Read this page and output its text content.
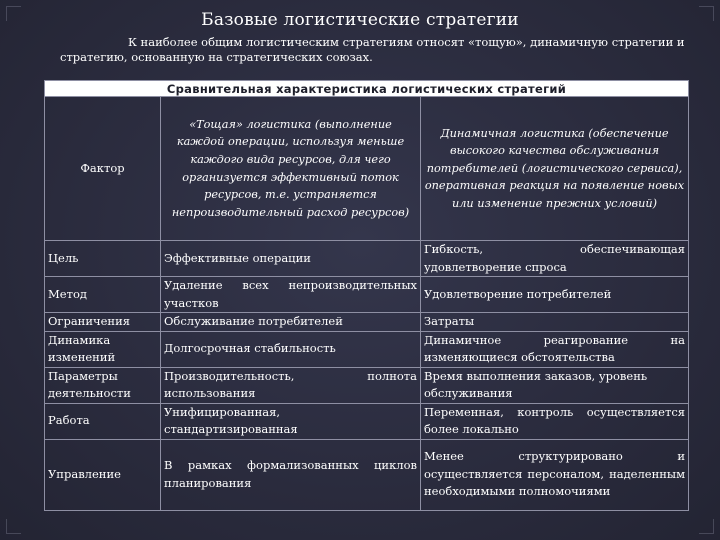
Базовые логистические стратегии
К наиболее общим логистическим стратегиям относят «тощую», динамичную стратегии и стратегию, основанную на стратегических союзах.
Сравнительная характеристика логистических стратегий		
Фактор	«Тощая» логистика (выполнение каждой операции, используя меньше каждого вида ресурсов, для чего организуется эффективный поток ресурсов, т.е. устраняется непроизводительный расход ресурсов)	Динамичная логистика (обеспечение высокого качества обслуживания потребителей (логистического сервиса), оперативная реакция на появление новых или изменение прежних условий)
Цель	Эффективные операции	Гибкость, обеспечивающая удовлетворение спроса
Метод	Удаление всех непроизводительных участков	Удовлетворение потребителей
Ограничения	Обслуживание потребителей	Затраты
Динамика изменений	Долгосрочная стабильность	Динамичное реагирование на изменяющиеся обстоятельства
Параметры деятельности	Производительность, полнота использования	Время выполнения заказов, уровень обслуживания
Работа	Унифицированная, стандартизированная	Переменная, контроль осуществляется более локально
Управление	В рамках формализованных циклов планирования	Менее структурировано и осуществляется персоналом, наделенным необходимыми полномочиями
